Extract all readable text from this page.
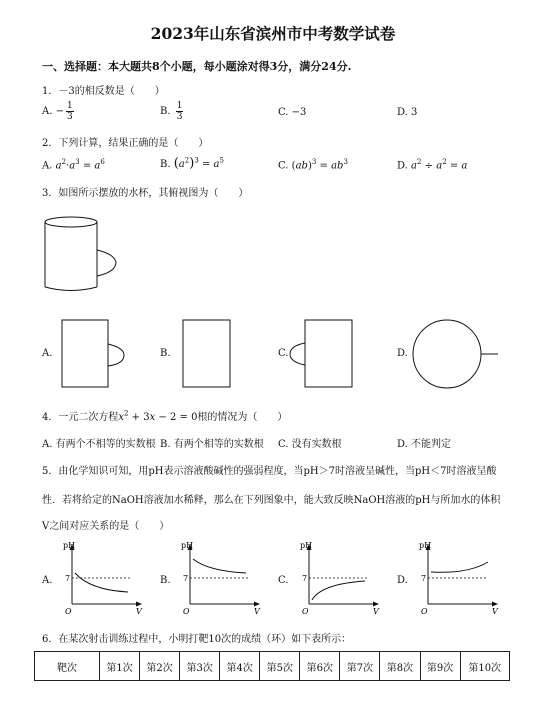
2023年山东省滨州市中考数学试卷
一、选择题：本大题共8个小题，每小题涂对得3分，满分24分.
1．－3的相反数是（　　）
A. − $\frac{1}{3}$	B. $\frac{1}{3}$	C. −3	D. 3
2．下列计算，结果正确的是（　　）
A. $a^2\cdot a^3 = a^6$	B. $(a^2)^3 = a^5$	C. $(ab)^3 = ab^3$	D. $a^2 \div a^2 = a$
3．如图所示摆放的水杯，其俯视图为（　　）
A.	B.	C.	D.
4．一元二次方程$x^2 + 3x - 2 = 0$根的情况为（　　）
A. 有两个不相等的实数根 B. 有两个相等的实数根 C. 没有实数根	D. 不能判定
5．由化学知识可知，用pH表示溶液酸碱性的强弱程度，当pH＞7时溶液呈碱性，当pH＜7时溶液呈酸
性．若将给定的NaOH溶液加水稀释，那么在下列图象中，能大致反映NaOH溶液的pH与所加水的体积
V之间对应关系的是（　　）
pH
7
O	V
pH
7
O	V
pH
7
O	V
pH
7
O	V
A.	B.	C.	D.
6．在某次射击训练过程中，小明打靶10次的成绩（环）如下表所示：
靶次	第1次	第2次	第3次	第4次	第5次	第6次	第7次	第8次	第9次	第10次
